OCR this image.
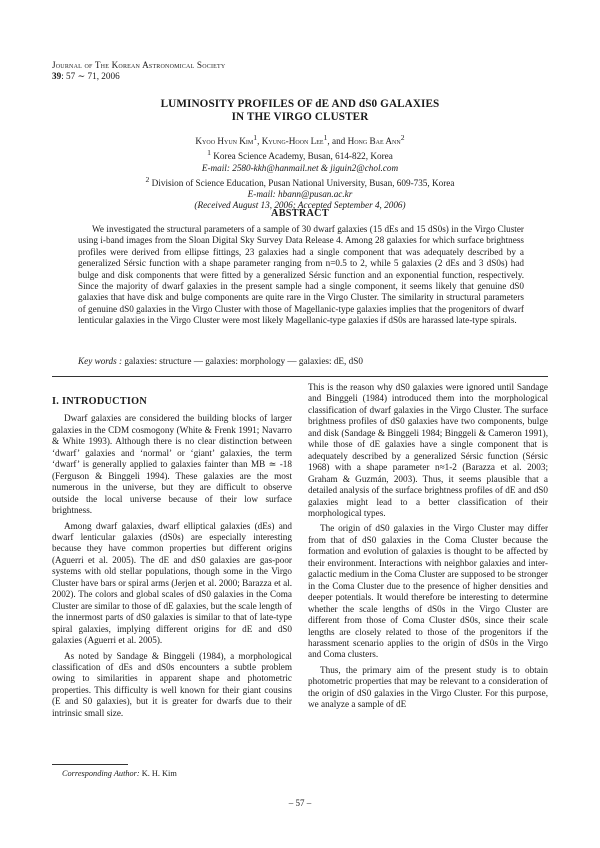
Journal of The Korean Astronomical Society
39: 57 ∼ 71, 2006
LUMINOSITY PROFILES OF dE AND dS0 GALAXIES
IN THE VIRGO CLUSTER
Kyoo Hyun Kim$^1$, Kyung-Hoon Lee$^1$, and Hong Bae Ann$^2$
$^1$ Korea Science Academy, Busan, 614-822, Korea
E-mail: 2580-kkh@hanmail.net & jiguin2@chol.com
$^2$ Division of Science Education, Pusan National University, Busan, 609-735, Korea
E-mail: hbann@pusan.ac.kr
(Received August 13, 2006; Accepted September 4, 2006)
ABSTRACT
We investigated the structural parameters of a sample of 30 dwarf galaxies (15 dEs and 15 dS0s) in the Virgo Cluster using i-band images from the Sloan Digital Sky Survey Data Release 4. Among 28 galaxies for which surface brightness profiles were derived from ellipse fittings, 23 galaxies had a single component that was adequately described by a generalized Sérsic function with a shape parameter ranging from n=0.5 to 2, while 5 galaxies (2 dEs and 3 dS0s) had bulge and disk components that were fitted by a generalized Sérsic function and an exponential function, respectively. Since the majority of dwarf galaxies in the present sample had a single component, it seems likely that genuine dS0 galaxies that have disk and bulge components are quite rare in the Virgo Cluster. The similarity in structural parameters of genuine dS0 galaxies in the Virgo Cluster with those of Magellanic-type galaxies implies that the progenitors of dwarf lenticular galaxies in the Virgo Cluster were most likely Magellanic-type galaxies if dS0s are harassed late-type spirals.
Key words : galaxies: structure — galaxies: morphology — galaxies: dE, dS0
I. INTRODUCTION

Dwarf galaxies are considered the building blocks of larger galaxies in the CDM cosmogony (White & Frenk 1991; Navarro & White 1993). Although there is no clear distinction between ‘dwarf’ galaxies and ‘normal’ or ‘giant’ galaxies, the term ‘dwarf’ is generally applied to galaxies fainter than MB ≃ -18 (Ferguson & Binggeli 1994). These galaxies are the most numerous in the universe, but they are difficult to observe outside the local universe because of their low surface brightness.

Among dwarf galaxies, dwarf elliptical galaxies (dEs) and dwarf lenticular galaxies (dS0s) are especially interesting because they have common properties but different origins (Aguerri et al. 2005). The dE and dS0 galaxies are gas-poor systems with old stellar populations, though some in the Virgo Cluster have bars or spiral arms (Jerjen et al. 2000; Barazza et al. 2002). The colors and global scales of dS0 galaxies in the Coma Cluster are similar to those of dE galaxies, but the scale length of the innermost parts of dS0 galaxies is similar to that of late-type spiral galaxies, implying different origins for dE and dS0 galaxies (Aguerri et al. 2005).

As noted by Sandage & Binggeli (1984), a morphological classification of dEs and dS0s encounters a subtle problem owing to similarities in apparent shape and photometric properties. This difficulty is well known for their giant cousins (E and S0 galaxies), but it is greater for dwarfs due to their intrinsic small size.

This is the reason why dS0 galaxies were ignored until Sandage and Binggeli (1984) introduced them into the morphological classification of dwarf galaxies in the Virgo Cluster. The surface brightness profiles of dS0 galaxies have two components, bulge and disk (Sandage & Binggeli 1984; Binggeli & Cameron 1991), while those of dE galaxies have a single component that is adequately described by a generalized Sérsic function (Sérsic 1968) with a shape parameter n≈1-2 (Barazza et al. 2003; Graham & Guzmán, 2003). Thus, it seems plausible that a detailed analysis of the surface brightness profiles of dE and dS0 galaxies might lead to a better classification of their morphological types.

The origin of dS0 galaxies in the Virgo Cluster may differ from that of dS0 galaxies in the Coma Cluster because the formation and evolution of galaxies is thought to be affected by their environment. Interactions with neighbor galaxies and inter-galactic medium in the Coma Cluster are supposed to be stronger in the Coma Cluster due to the presence of higher densities and deeper potentials. It would therefore be interesting to determine whether the scale lengths of dS0s in the Virgo Cluster are different from those of Coma Cluster dS0s, since their scale lengths are closely related to those of the progenitors if the harassment scenario applies to the origin of dS0s in the Virgo and Coma clusters.

Thus, the primary aim of the present study is to obtain photometric properties that may be relevant to a consideration of the origin of dS0 galaxies in the Virgo Cluster. For this purpose, we analyze a sample of dE

Corresponding Author: K. H. Kim
– 57 –
